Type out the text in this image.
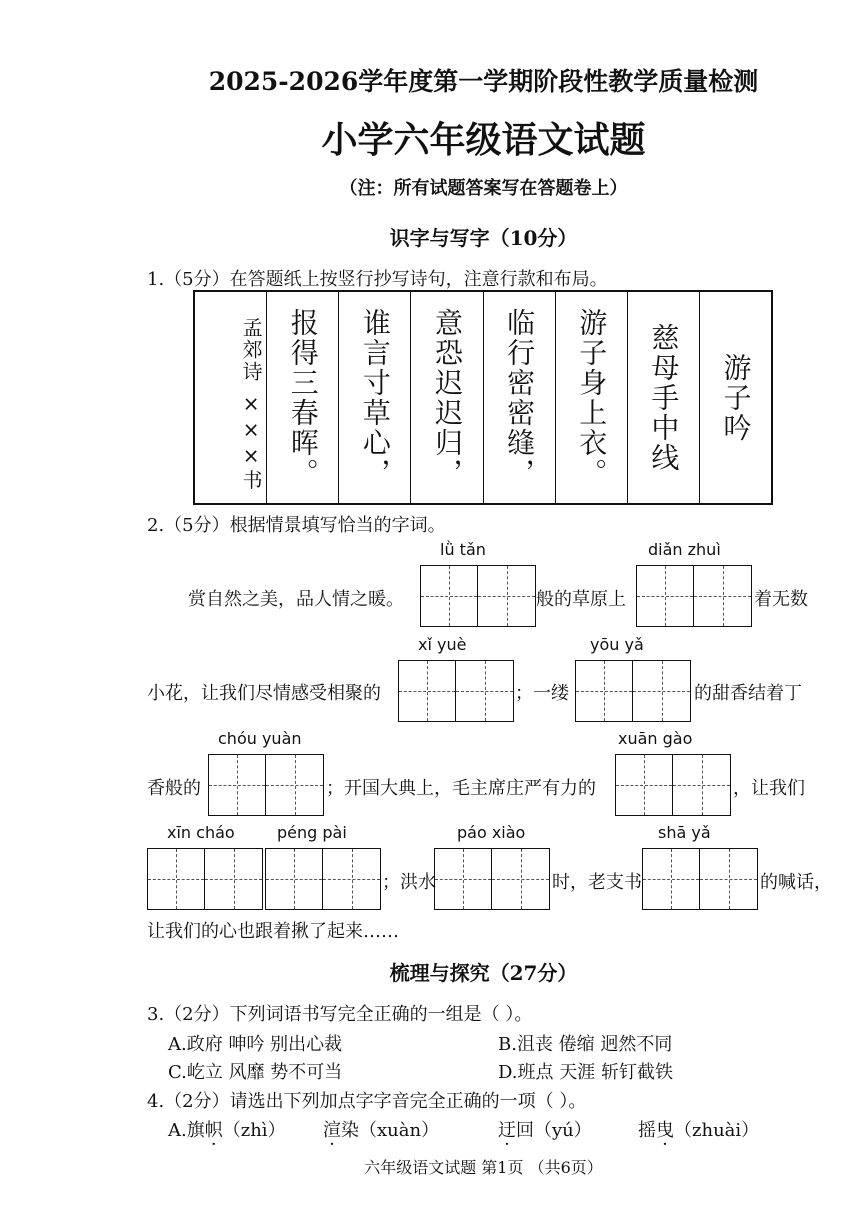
2025-2026学年度第一学期阶段性教学质量检测
小学六年级语文试题
（注：所有试题答案写在答题卷上）
识字与写字（10分）
1.（5分）在答题纸上按竖行抄写诗句，注意行款和布局。
游子吟
慈母手中线
游子身上衣。
临行密密缝，
意恐迟迟归，
谁言寸草心，
报得三春晖。
孟郊诗 ×××书
2.（5分）根据情景填写恰当的字词。
lǜ tǎn	diǎn zhuì
赏自然之美，品人情之暖。	般的草原上	着无数
xǐ yuè	yōu yǎ
小花，让我们尽情感受相聚的	；一缕	的甜香结着丁
chóu yuàn	xuān gào
香般的	；开国大典上，毛主席庄严有力的	，让我们
xīn cháo	péng pài	páo xiào	shā yǎ
；洪水	时，老支书	的喊话，
让我们的心也跟着揪了起来……
梳理与探究（27分）
3.（2分）下列词语书写完全正确的一组是（ ）。
A.政府 呻吟 别出心裁	B.沮丧 倦缩 迥然不同
C.屹立 风靡 势不可当	D.班点 天涯 斩钉截铁
4.（2分）请选出下列加点字字音完全正确的一项（ ）。
A.旗帜（zhì） 渲染（xuàn）	迂回（yú）	摇曳（zhuài）
六年级语文试题 第1页 （共6页）
